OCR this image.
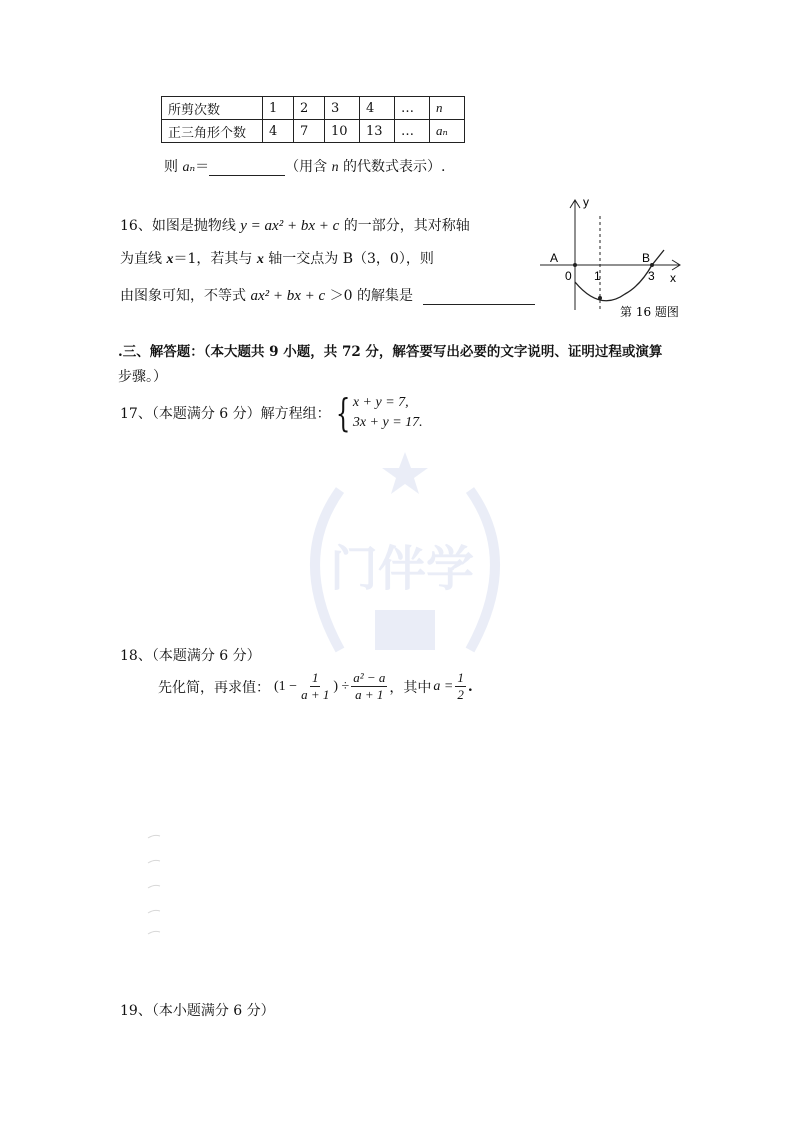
门伴学
所剪次数	1	2	3	4	…	n
正三角形个数	4	7	10	13	…	aₙ
则 aₙ＝	（用含 n 的代数式表示）.
16、如图是抛物线 y = ax² + bx + c 的一部分，其对称轴
为直线 x＝1，若其与 x 轴一交点为 B（3，0），则
由图象可知，不等式 ax² + bx + c ＞0 的解集是
y
x
A	B
0 1	3
第 16 题图
.三、解答题：（本大题共 9 小题，共 72 分，解答要写出必要的文字说明、证明过程或演算
步骤。）
17、（本题满分 6 分）解方程组： { x + y = 7,
3x + y = 17.
18、（本题满分 6 分）
先化简，再求值： ($1 - \frac{1}{a + 1}$ ) ÷ $\frac{\text{a² − a}}{a + 1}$ ，其中 $a = \frac{1}{2}$ .
19、（本小题满分 6 分）
